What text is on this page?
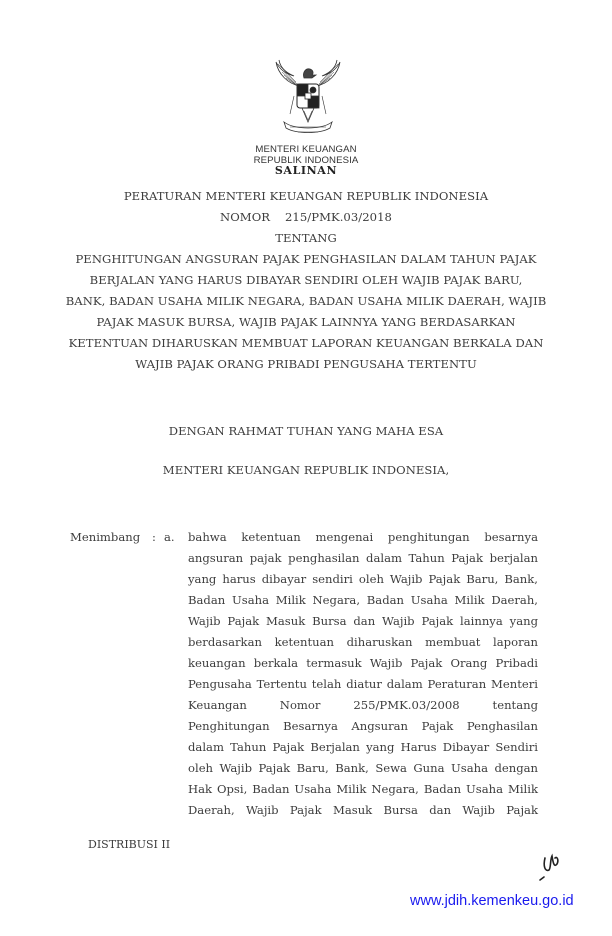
MENTERI KEUANGAN
REPUBLIK INDONESIA
SALINAN
PERATURAN MENTERI KEUANGAN REPUBLIK INDONESIA
NOMOR    215/PMK.03/2018
TENTANG
PENGHITUNGAN ANGSURAN PAJAK PENGHASILAN DALAM TAHUN PAJAK
BERJALAN YANG HARUS DIBAYAR SENDIRI OLEH WAJIB PAJAK BARU,
BANK, BADAN USAHA MILIK NEGARA, BADAN USAHA MILIK DAERAH, WAJIB
PAJAK MASUK BURSA, WAJIB PAJAK LAINNYA YANG BERDASARKAN
KETENTUAN DIHARUSKAN MEMBUAT LAPORAN KEUANGAN BERKALA DAN
WAJIB PAJAK ORANG PRIBADI PENGUSAHA TERTENTU
DENGAN RAHMAT TUHAN YANG MAHA ESA
MENTERI KEUANGAN REPUBLIK INDONESIA,
Menimbang : a. bahwa ketentuan mengenai penghitungan besarnya
angsuran pajak penghasilan dalam Tahun Pajak berjalan
yang harus dibayar sendiri oleh Wajib Pajak Baru, Bank,
Badan Usaha Milik Negara, Badan Usaha Milik Daerah,
Wajib Pajak Masuk Bursa dan Wajib Pajak lainnya yang
berdasarkan ketentuan diharuskan membuat laporan
keuangan berkala termasuk Wajib Pajak Orang Pribadi
Pengusaha Tertentu telah diatur dalam Peraturan Menteri
Keuangan Nomor 255/PMK.03/2008 tentang
Penghitungan Besarnya Angsuran Pajak Penghasilan
dalam Tahun Pajak Berjalan yang Harus Dibayar Sendiri
oleh Wajib Pajak Baru, Bank, Sewa Guna Usaha dengan
Hak Opsi, Badan Usaha Milik Negara, Badan Usaha Milik
Daerah, Wajib Pajak Masuk Bursa dan Wajib Pajak
DISTRIBUSI II
www.jdih.kemenkeu.go.id
